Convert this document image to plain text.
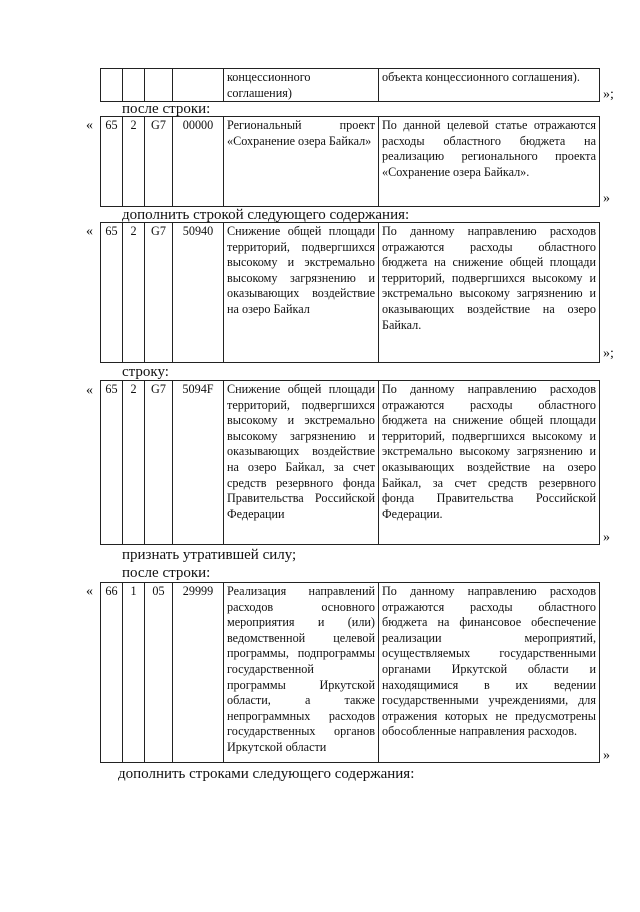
				концессионного соглашения)	объекта концессионного соглашения).
»;
после строки:
« 65	2	G7	00000	Региональный проект «Сохранение озера Байкал»	По данной целевой статье отражаются расходы областного бюджета на реализацию регионального проекта «Сохранение озера Байкал».
»
дополнить строкой следующего содержания:
« 65	2	G7	50940	Снижение общей площади территорий, подвергшихся высокому и экстремально высокому загрязнению и оказывающих воздействие на озеро Байкал	По данному направлению расходов отражаются расходы областного бюджета на снижение общей площади территорий, подвергшихся высокому и экстремально высокому загрязнению и оказывающих воздействие на озеро Байкал.
»;
строку:
« 65	2	G7	5094F	Снижение общей площади территорий, подвергшихся высокому и экстремально высокому загрязнению и оказывающих воздействие на озеро Байкал, за счет средств резервного фонда Правительства Российской Федерации	По данному направлению расходов отражаются расходы областного бюджета на снижение общей площади территорий, подвергшихся высокому и экстремально высокому загрязнению и оказывающих воздействие на озеро Байкал, за счет средств резервного фонда Правительства Российской Федерации.
»
признать утратившей силу;
после строки:
« 66	1	05	29999	Реализация направлений расходов основного мероприятия и (или) ведомственной целевой программы, подпрограммы государственной программы Иркутской области, а также непрограммных расходов государственных органов Иркутской области	По данному направлению расходов отражаются расходы областного бюджета на финансовое обеспечение реализации мероприятий, осуществляемых государственными органами Иркутской области и находящимися в их ведении государственными учреждениями, для отражения которых не предусмотрены обособленные направления расходов.
»
дополнить строками следующего содержания:
